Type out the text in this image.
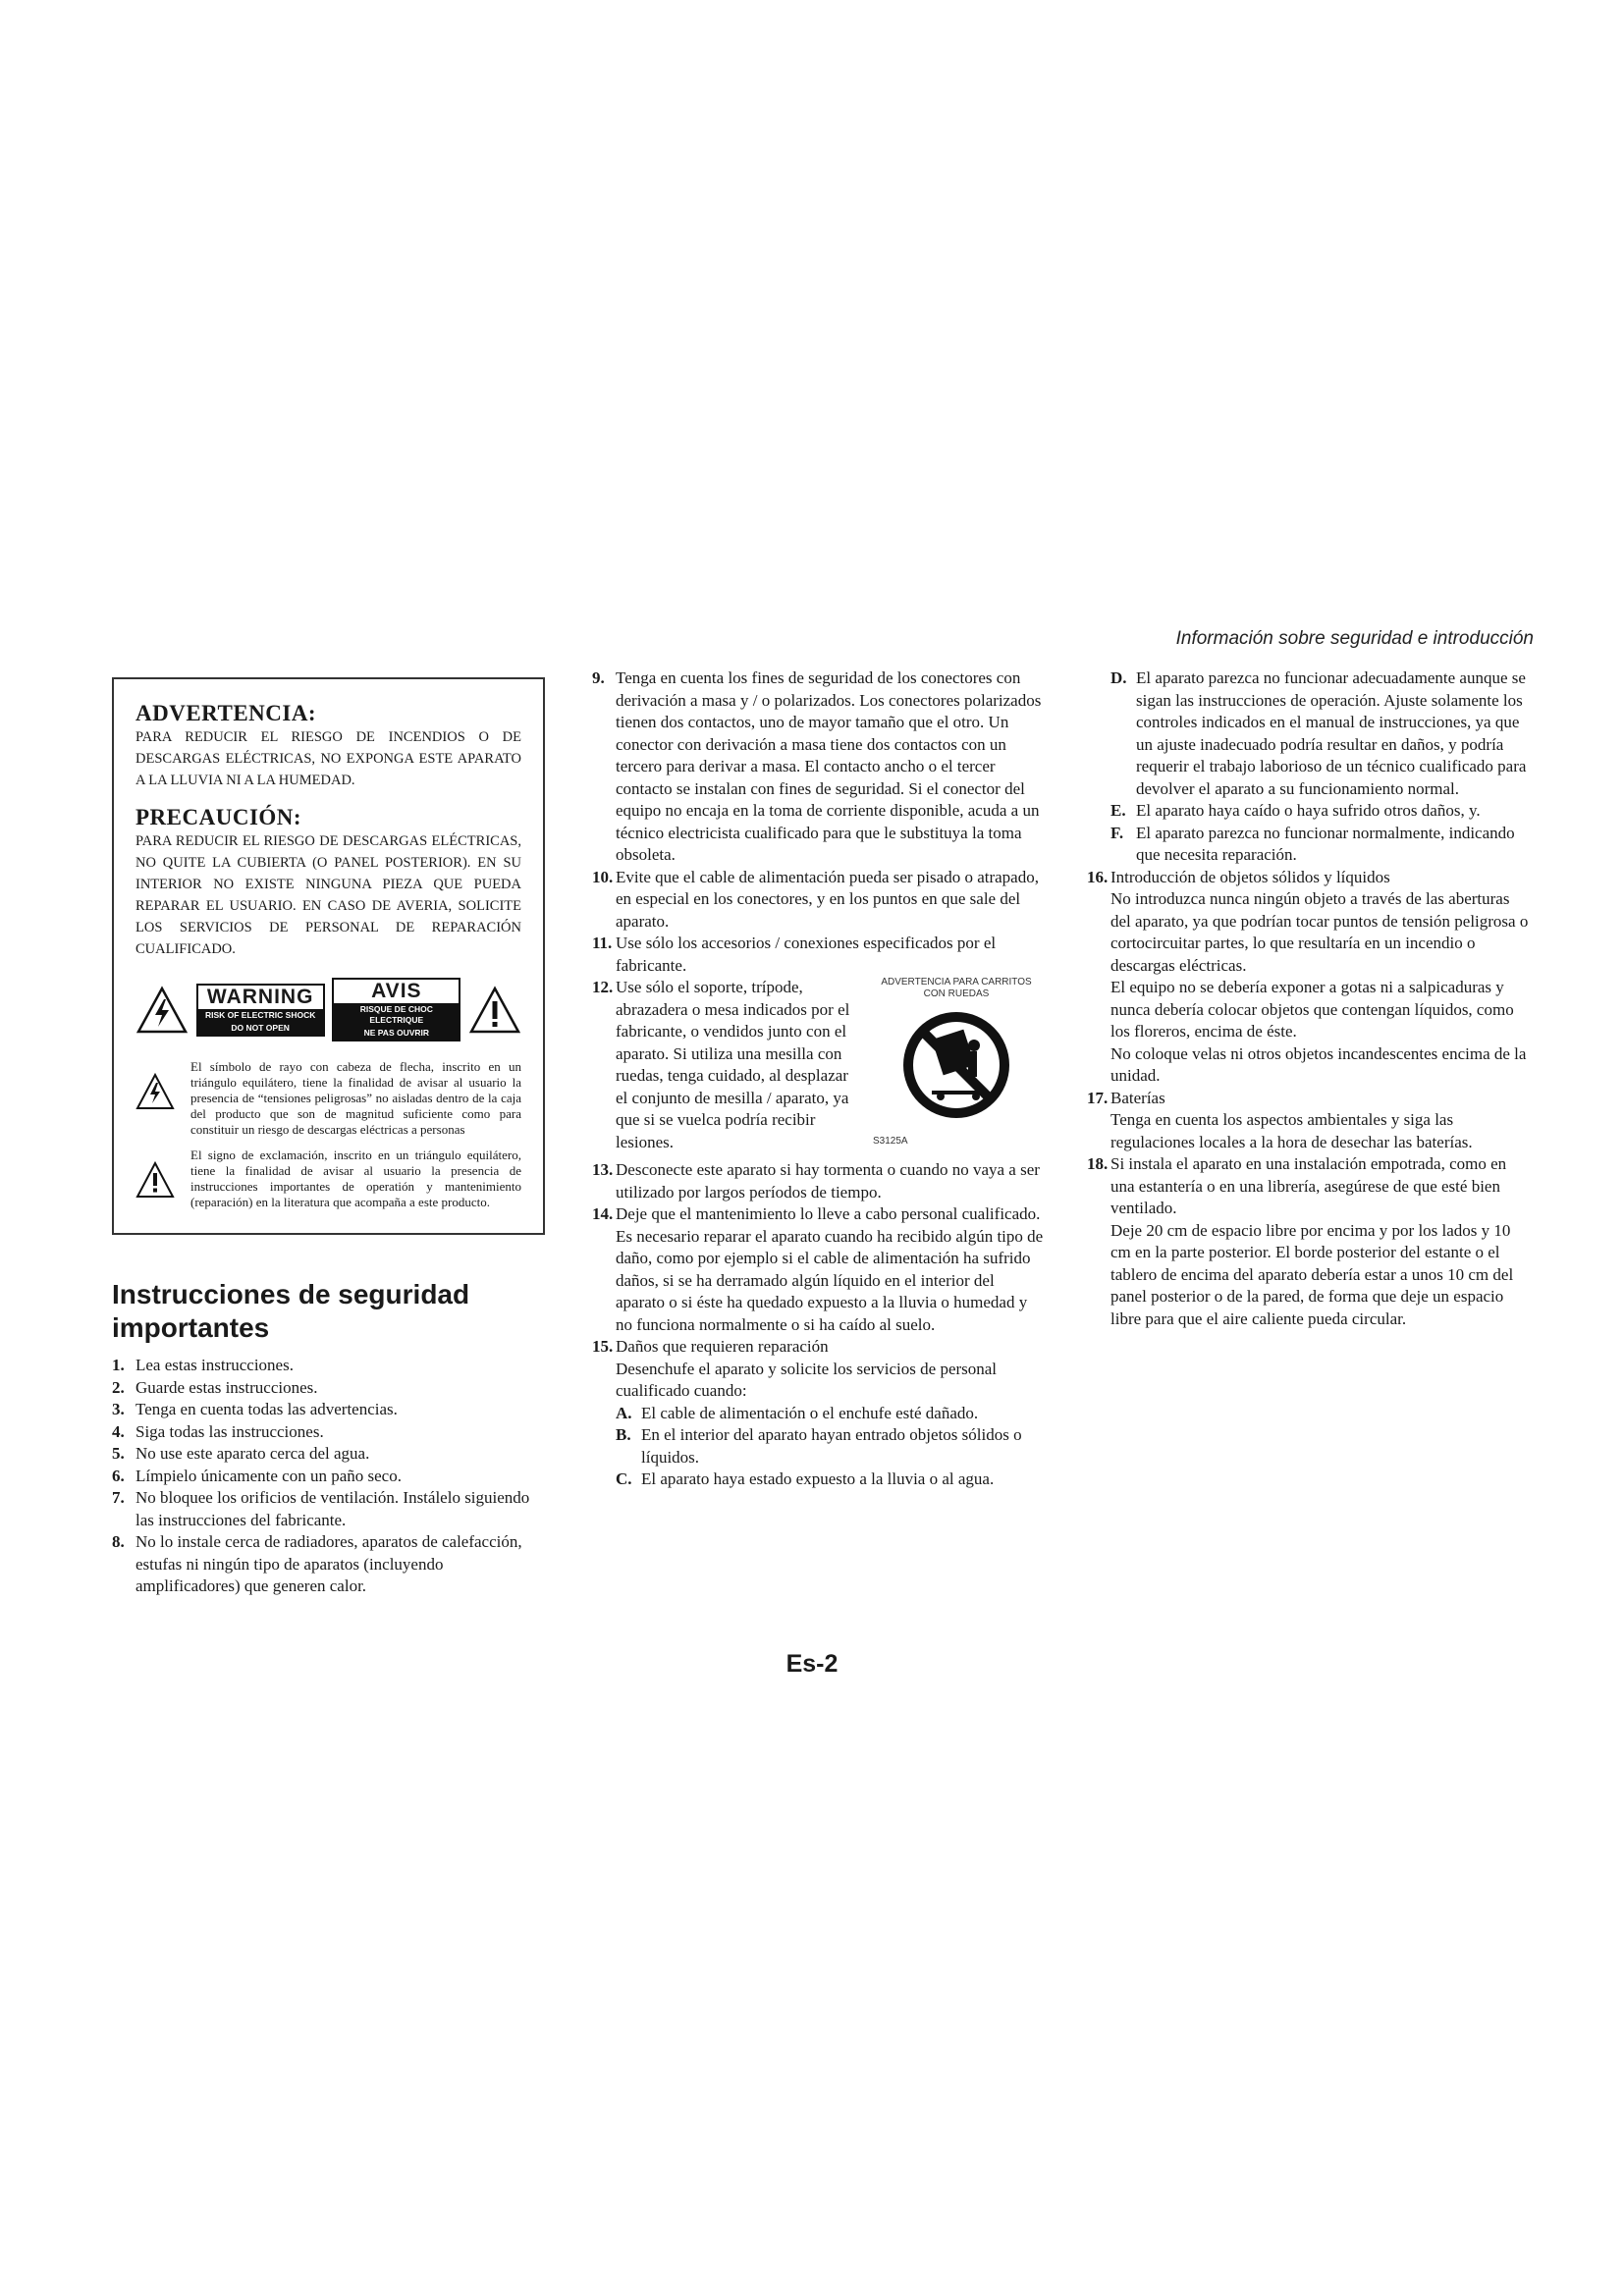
Información sobre seguridad e introducción
ADVERTENCIA:

PARA REDUCIR EL RIESGO DE INCENDIOS O DE DESCARGAS ELÉCTRICAS, NO EXPONGA ESTE APARATO A LA LLUVIA NI A LA HUMEDAD.

PRECAUCIÓN:

PARA REDUCIR EL RIESGO DE DESCARGAS ELÉCTRICAS, NO QUITE LA CUBIERTA (O PANEL POSTERIOR). EN SU INTERIOR NO EXISTE NINGUNA PIEZA QUE PUEDA REPARAR EL USUARIO. EN CASO DE AVERIA, SOLICITE LOS SERVICIOS DE PERSONAL DE REPARACIÓN CUALIFICADO.

WARNING
RISK OF ELECTRIC SHOCK
DO NOT OPEN
AVIS
RISQUE DE CHOC ELECTRIQUE
NE PAS OUVRIR
El símbolo de rayo con cabeza de flecha, inscrito en un triángulo equilátero, tiene la finalidad de avisar al usuario la presencia de “tensiones peligrosas” no aisladas dentro de la caja del producto que son de magnitud suficiente como para constituir un riesgo de descargas eléctricas a personas
El signo de exclamación, inscrito en un triángulo equilátero, tiene la finalidad de avisar al usuario la presencia de instrucciones importantes de operatión y mantenimiento (reparación) en la literatura que acompaña a este producto.
Instrucciones de seguridad
importantes
1. Lea estas instrucciones.
2. Guarde estas instrucciones.
3. Tenga en cuenta todas las advertencias.
4. Siga todas las instrucciones.
5. No use este aparato cerca del agua.
6. Límpielo únicamente con un paño seco.
7. No bloquee los orificios de ventilación. Instálelo siguiendo las instrucciones del fabricante.
8. No lo instale cerca de radiadores, aparatos de calefacción, estufas ni ningún tipo de aparatos (incluyendo amplificadores) que generen calor.
9. Tenga en cuenta los fines de seguridad de los conectores con derivación a masa y / o polarizados. Los conectores polarizados tienen dos contactos, uno de mayor tamaño que el otro. Un conector con derivación a masa tiene dos contactos con un tercero para derivar a masa. El contacto ancho o el tercer contacto se instalan con fines de seguridad. Si el conector del equipo no encaja en la toma de corriente disponible, acuda a un técnico electricista cualificado para que le substituya la toma obsoleta.
10. Evite que el cable de alimentación pueda ser pisado o atrapado, en especial en los conectores, y en los puntos en que sale del aparato.
11. Use sólo los accesorios / conexiones especificados por el fabricante.
12. Use sólo el soporte, trípode, abrazadera o mesa indicados por el fabricante, o vendidos junto con el aparato. Si utiliza una mesilla con ruedas, tenga cuidado, al desplazar el conjunto de mesilla / aparato, ya que si se vuelca podría recibir lesiones.
ADVERTENCIA PARA CARRITOS
CON RUEDAS
S3125A
13. Desconecte este aparato si hay tormenta o cuando no vaya a ser utilizado por largos períodos de tiempo.
14. Deje que el mantenimiento lo lleve a cabo personal cualificado. Es necesario reparar el aparato cuando ha recibido algún tipo de daño, como por ejemplo si el cable de alimentación ha sufrido daños, si se ha derramado algún líquido en el interior del aparato o si éste ha quedado expuesto a la lluvia o humedad y no funciona normalmente o si ha caído al suelo.
15. Daños que requieren reparación
Desenchufe el aparato y solicite los servicios de personal cualificado cuando:
A. El cable de alimentación o el enchufe esté dañado.
B. En el interior del aparato hayan entrado objetos sólidos o líquidos.
C. El aparato haya estado expuesto a la lluvia o al agua.
D. El aparato parezca no funcionar adecuadamente aunque se sigan las instrucciones de operación. Ajuste solamente los controles indicados en el manual de instrucciones, ya que un ajuste inadecuado podría resultar en daños, y podría requerir el trabajo laborioso de un técnico cualificado para devolver el aparato a su funcionamiento normal.
E. El aparato haya caído o haya sufrido otros daños, y.
F. El aparato parezca no funcionar normalmente, indicando que necesita reparación.
16. Introducción de objetos sólidos y líquidos
No introduzca nunca ningún objeto a través de las aberturas del aparato, ya que podrían tocar puntos de tensión peligrosa o cortocircuitar partes, lo que resultaría en un incendio o descargas eléctricas.
El equipo no se debería exponer a gotas ni a salpicaduras y nunca debería colocar objetos que contengan líquidos, como los floreros, encima de éste.
No coloque velas ni otros objetos incandescentes encima de la unidad.
17. Baterías
Tenga en cuenta los aspectos ambientales y siga las regulaciones locales a la hora de desechar las baterías.
18. Si instala el aparato en una instalación empotrada, como en una estantería o en una librería, asegúrese de que esté bien ventilado.
Deje 20 cm de espacio libre por encima y por los lados y 10 cm en la parte posterior. El borde posterior del estante o el tablero de encima del aparato debería estar a unos 10 cm del panel posterior o de la pared, de forma que deje un espacio libre para que el aire caliente pueda circular.
Es-2
